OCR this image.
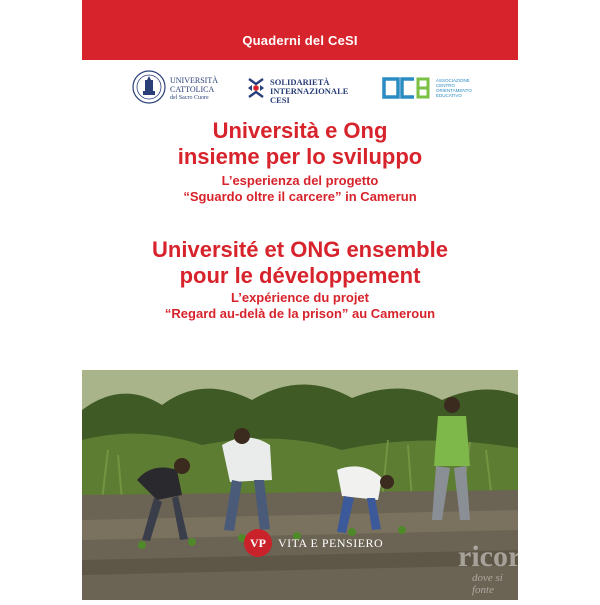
Quaderni del CeSI
UNIVERSITÀ
CATTOLICA
del Sacro Cuore
SOLIDARIETÀ
INTERNAZIONALE
CESI
ASSOCIAZIONE
CENTRO
ORIENTAMENTO
EDUCATIVO
Università e Ong
insieme per lo sviluppo
L’esperienza del progetto
“Sguardo oltre il carcere” in Camerun
Université et ONG ensemble
pour le développement
L’expérience du projet
“Regard au-delà de la prison” au Cameroun
VP	VITA E PENSIERO ricorso
dove si fonte
